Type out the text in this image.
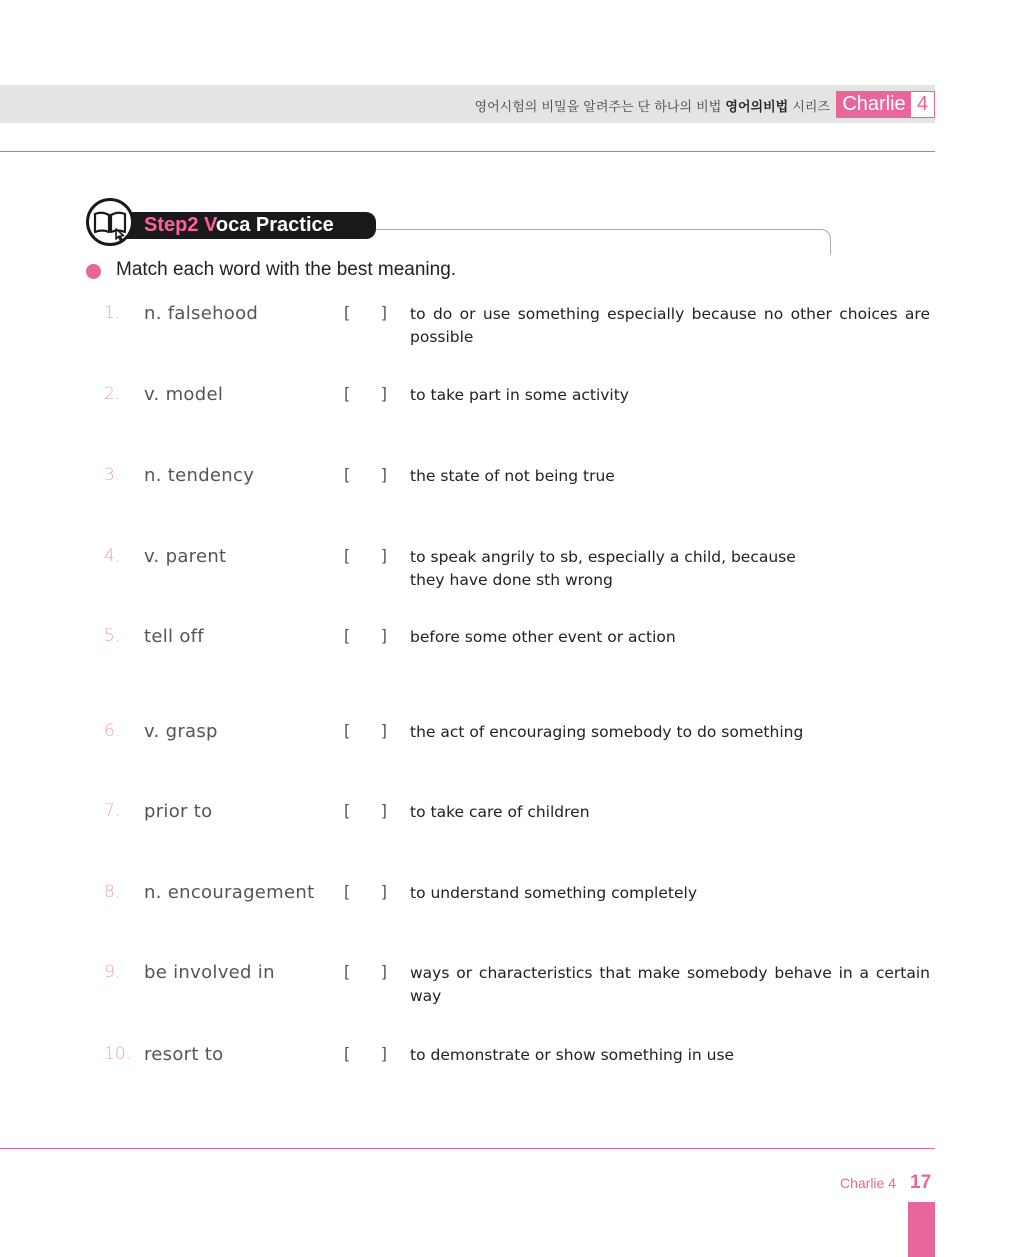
영어시험의 비밀을 알려주는 단 하나의 비법 영어의비법 시리즈 Charlie 4
Step2 Voca Practice
Match each word with the best meaning.
1. n. falsehood	[      ] to do or use something especially because no other choices are possible
2. v. model	[      ] to take part in some activity
3. n. tendency	[      ] the state of not being true
4. v. parent	[      ] to speak angrily to sb, especially a child, because they have done sth wrong
5. tell off	[      ] before some other event or action
6. v. grasp	[      ] the act of encouraging somebody to do something
7. prior to	[      ] to take care of children
8. n. encouragement [      ] to understand something completely
9. be involved in	[      ] ways or characteristics that make somebody behave in a certain way
10. resort to	[      ] to demonstrate or show something in use
Charlie 4 17
